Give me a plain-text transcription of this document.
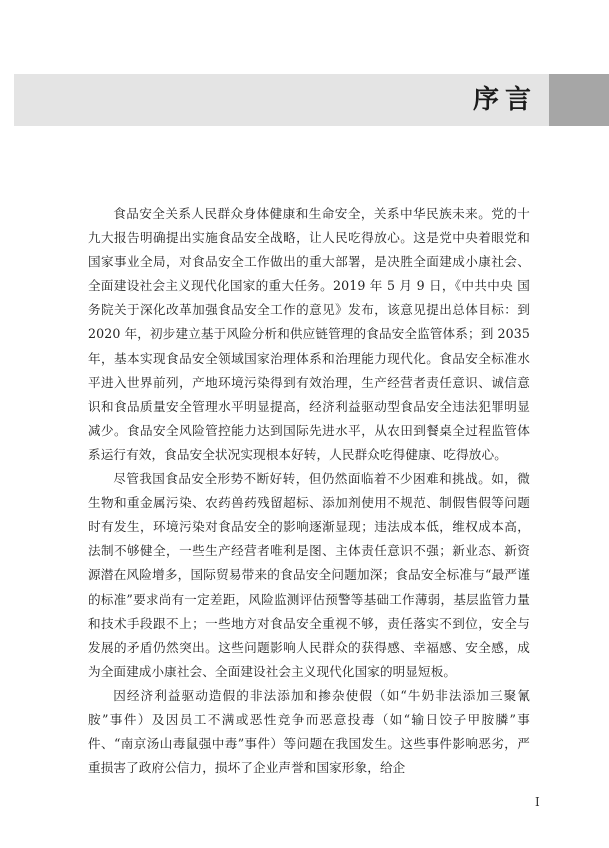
序言

食品安全关系人民群众身体健康和生命安全，关系中华民族未来。党的十九大报告明确提出实施食品安全战略，让人民吃得放心。这是党中央着眼党和国家事业全局，对食品安全工作做出的重大部署，是决胜全面建成小康社会、全面建设社会主义现代化国家的重大任务。2019 年 5 月 9 日，《中共中央 国务院关于深化改革加强食品安全工作的意见》发布，该意见提出总体目标：到 2020 年，初步建立基于风险分析和供应链管理的食品安全监管体系；到 2035 年，基本实现食品安全领域国家治理体系和治理能力现代化。食品安全标准水平进入世界前列，产地环境污染得到有效治理，生产经营者责任意识、诚信意识和食品质量安全管理水平明显提高，经济利益驱动型食品安全违法犯罪明显减少。食品安全风险管控能力达到国际先进水平，从农田到餐桌全过程监管体系运行有效，食品安全状况实现根本好转，人民群众吃得健康、吃得放心。

尽管我国食品安全形势不断好转，但仍然面临着不少困难和挑战。如，微生物和重金属污染、农药兽药残留超标、添加剂使用不规范、制假售假等问题时有发生，环境污染对食品安全的影响逐渐显现；违法成本低，维权成本高，法制不够健全，一些生产经营者唯利是图、主体责任意识不强；新业态、新资源潜在风险增多，国际贸易带来的食品安全问题加深；食品安全标准与“最严谨的标准”要求尚有一定差距，风险监测评估预警等基础工作薄弱，基层监管力量和技术手段跟不上；一些地方对食品安全重视不够，责任落实不到位，安全与发展的矛盾仍然突出。这些问题影响人民群众的获得感、幸福感、安全感，成为全面建成小康社会、全面建设社会主义现代化国家的明显短板。

因经济利益驱动造假的非法添加和掺杂使假（如“牛奶非法添加三聚氰胺”事件）及因员工不满或恶性竞争而恶意投毒（如“输日饺子甲胺膦”事件、“南京汤山毒鼠强中毒”事件）等问题在我国发生。这些事件影响恶劣，严重损害了政府公信力，损坏了企业声誉和国家形象，给企

I
